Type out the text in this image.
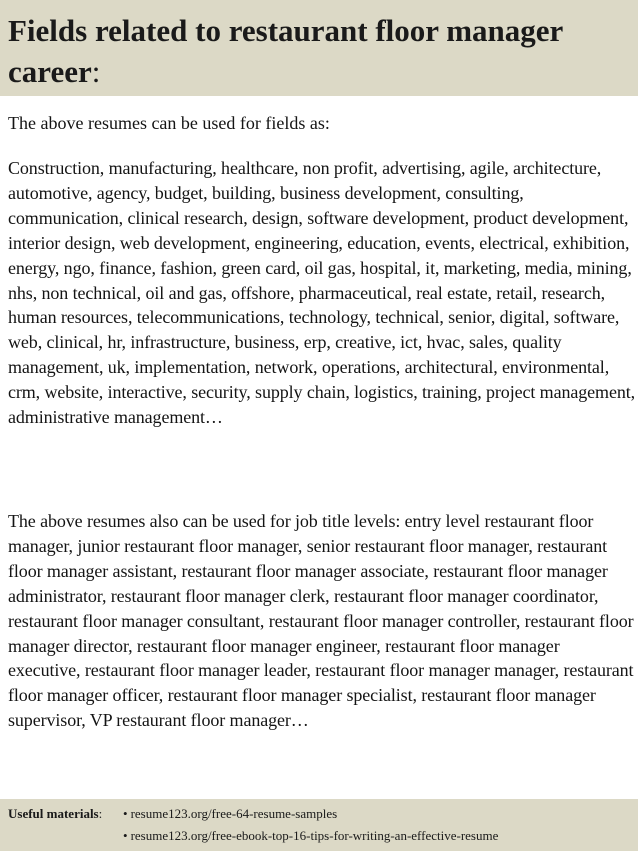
Fields related to restaurant floor manager career:

The above resumes can be used for fields as:

Construction, manufacturing, healthcare, non profit, advertising, agile, architecture, automotive, agency, budget, building, business development, consulting, communication, clinical research, design, software development, product development, interior design, web development, engineering, education, events, electrical, exhibition, energy, ngo, finance, fashion, green card, oil gas, hospital, it, marketing, media, mining, nhs, non technical, oil and gas, offshore, pharmaceutical, real estate, retail, research, human resources, telecommunications, technology, technical, senior, digital, software, web, clinical, hr, infrastructure, business, erp, creative, ict, hvac, sales, quality management, uk, implementation, network, operations, architectural, environmental, crm, website, interactive, security, supply chain, logistics, training, project management, administrative management…

The above resumes also can be used for job title levels: entry level restaurant floor manager, junior restaurant floor manager, senior restaurant floor manager, restaurant floor manager assistant, restaurant floor manager associate, restaurant floor manager administrator, restaurant floor manager clerk, restaurant floor manager coordinator, restaurant floor manager consultant, restaurant floor manager controller, restaurant floor manager director, restaurant floor manager engineer, restaurant floor manager executive, restaurant floor manager leader, restaurant floor manager manager, restaurant floor manager officer, restaurant floor manager specialist, restaurant floor manager supervisor, VP restaurant floor manager…

Useful materials: • resume123.org/free-64-resume-samples
• resume123.org/free-ebook-top-16-tips-for-writing-an-effective-resume
